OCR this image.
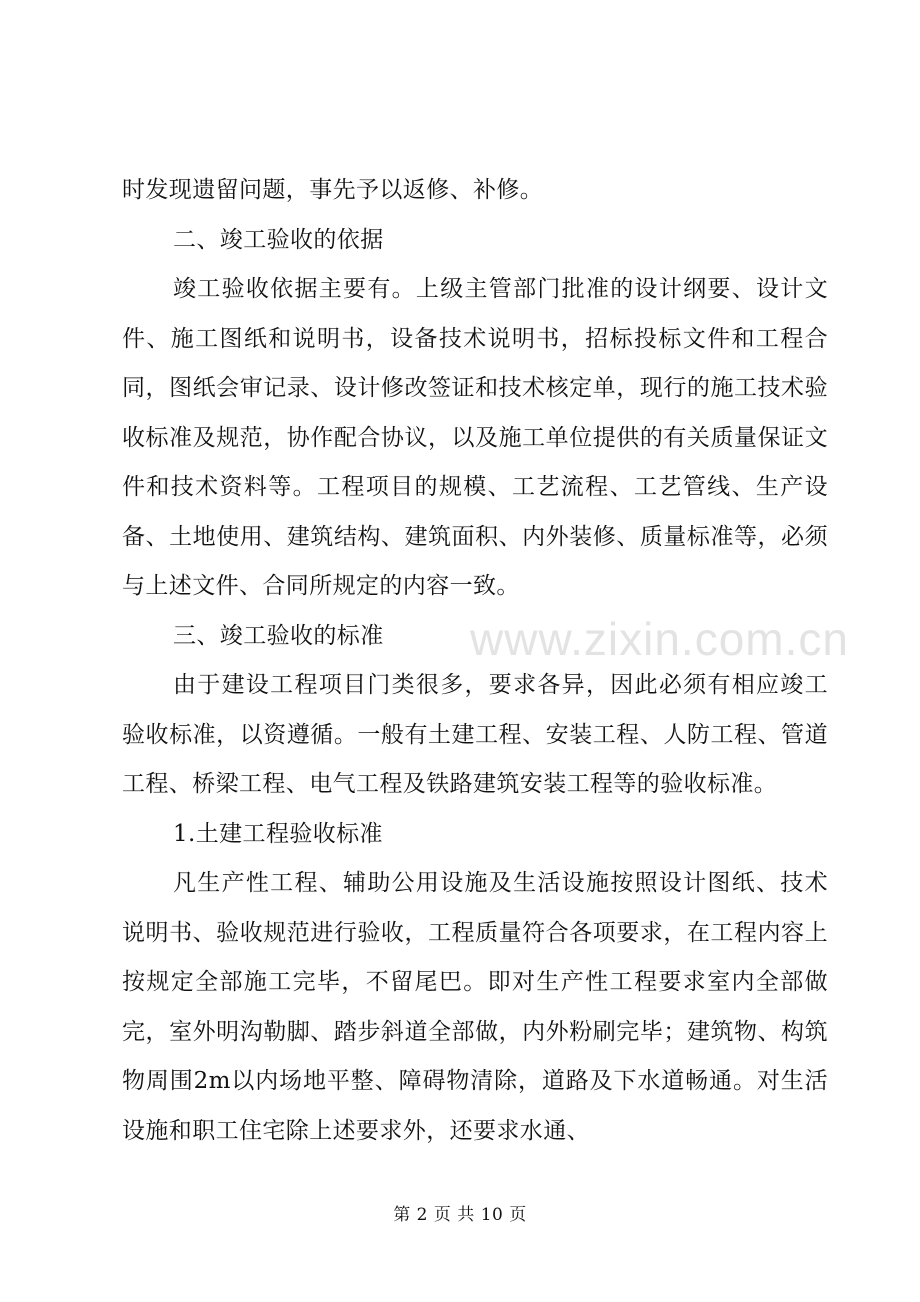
www.zixin.com.cn

时发现遗留问题，事先予以返修、补修。

二、竣工验收的依据

竣工验收依据主要有。上级主管部门批准的设计纲要、设计文件、施工图纸和说明书，设备技术说明书，招标投标文件和工程合同，图纸会审记录、设计修改签证和技术核定单，现行的施工技术验收标准及规范，协作配合协议，以及施工单位提供的有关质量保证文件和技术资料等。工程项目的规模、工艺流程、工艺管线、生产设备、土地使用、建筑结构、建筑面积、内外装修、质量标准等，必须与上述文件、合同所规定的内容一致。

三、竣工验收的标准

由于建设工程项目门类很多，要求各异，因此必须有相应竣工验收标准，以资遵循。一般有土建工程、安装工程、人防工程、管道工程、桥梁工程、电气工程及铁路建筑安装工程等的验收标准。

1.土建工程验收标准

凡生产性工程、辅助公用设施及生活设施按照设计图纸、技术说明书、验收规范进行验收，工程质量符合各项要求，在工程内容上按规定全部施工完毕，不留尾巴。即对生产性工程要求室内全部做完，室外明沟勒脚、踏步斜道全部做，内外粉刷完毕；建筑物、构筑物周围2m以内场地平整、障碍物清除，道路及下水道畅通。对生活设施和职工住宅除上述要求外，还要求水通、

第 2 页 共 10 页
